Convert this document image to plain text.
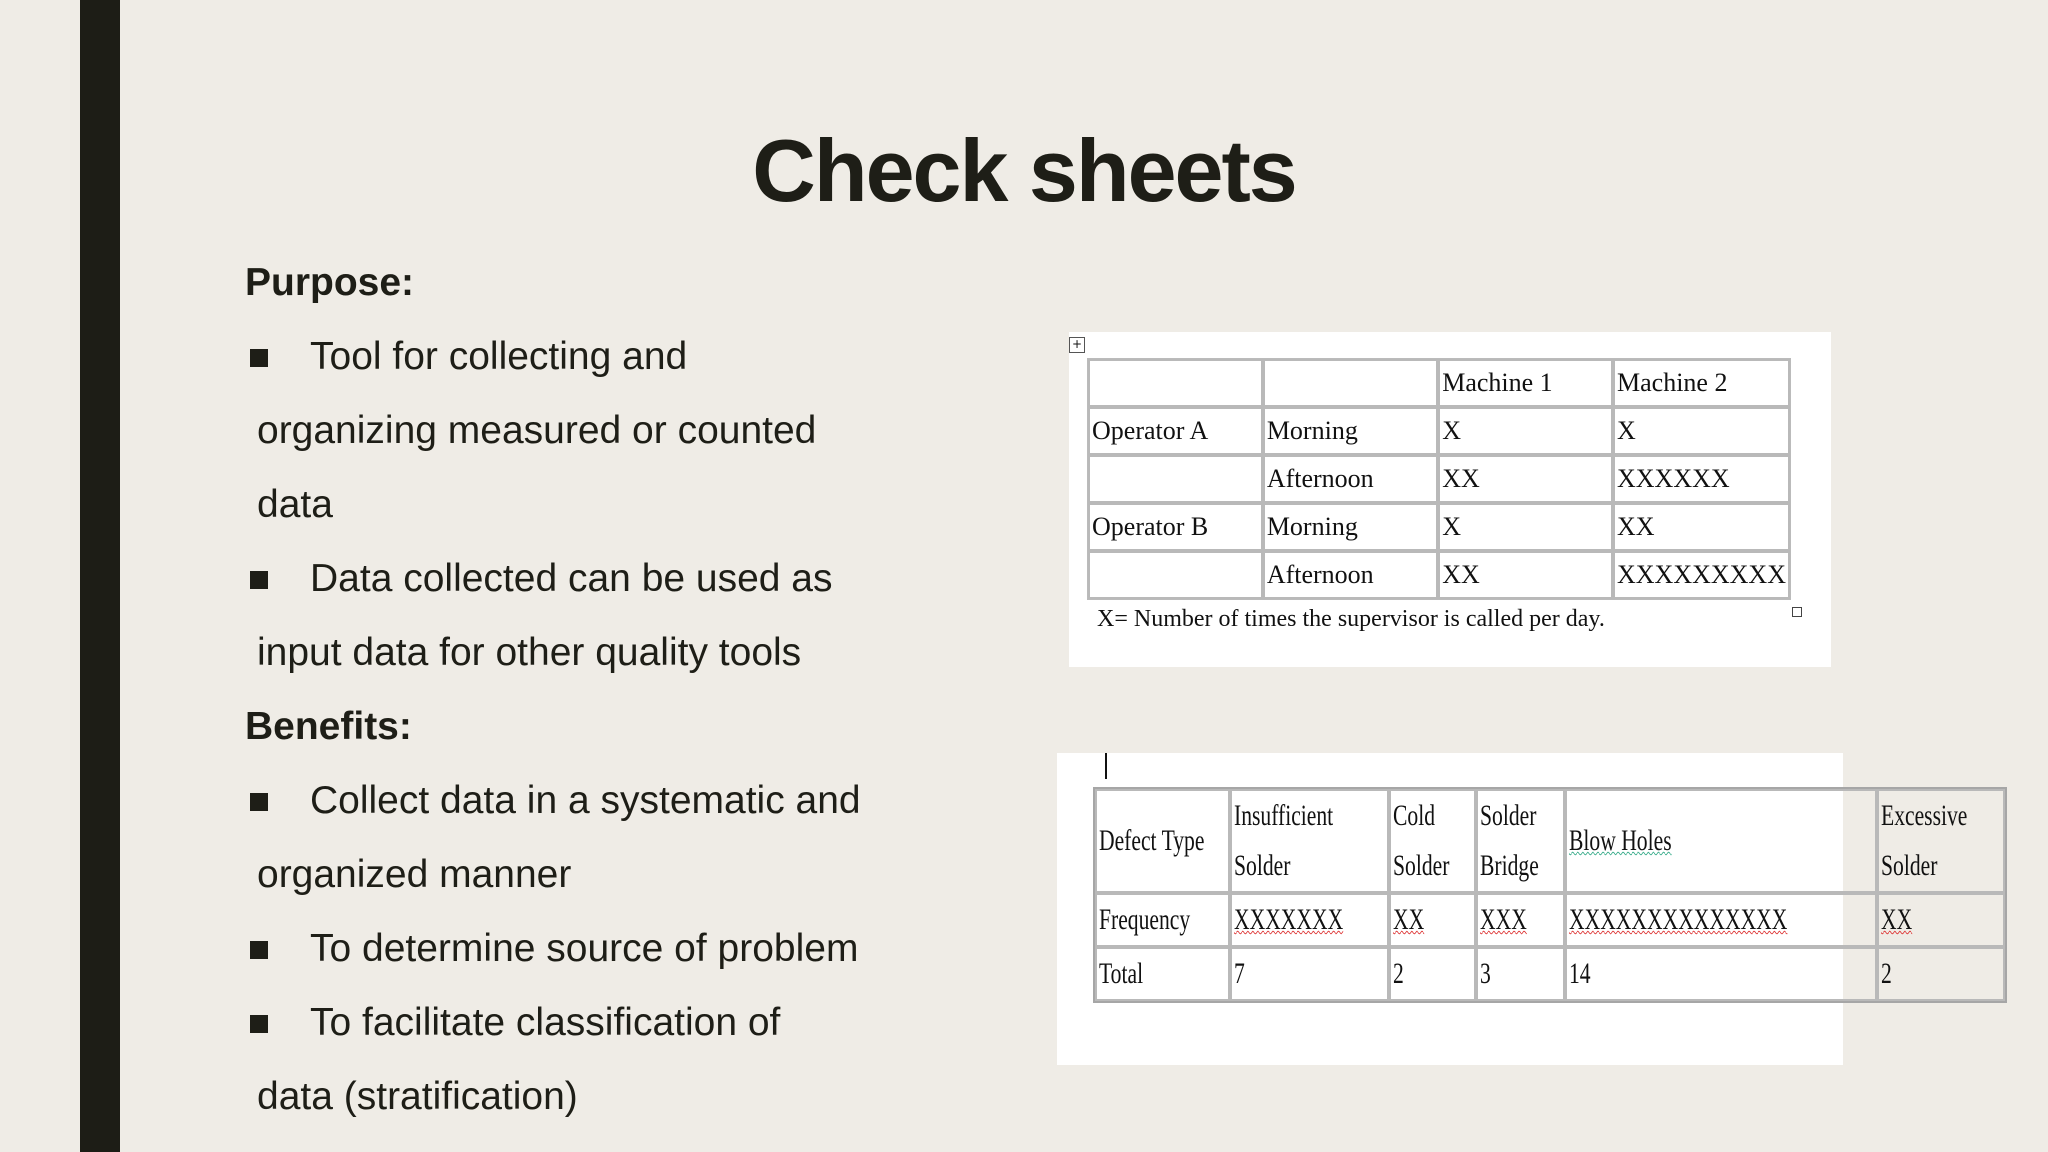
Check sheets
Purpose:
Tool for collecting and
organizing measured or counted
data
Data collected can be used as
input data for other quality tools
Benefits:
Collect data in a systematic and
organized manner
To determine source of problem
To facilitate classification of
data (stratification)
+
		Machine 1	Machine 2
Operator A	Morning	X	X
	Afternoon	XX	XXXXXX
Operator B	Morning	X	XX
	Afternoon	XX	XXXXXXXXX
X= Number of times the supervisor is called per day.
Defect Type	Insufficient Solder	Cold Solder	Solder Bridge	Blow Holes	Excessive Solder
Frequency	XXXXXXX	XX	XXX	XXXXXXXXXXXXXX	XX
Total	7	2	3	14	2
